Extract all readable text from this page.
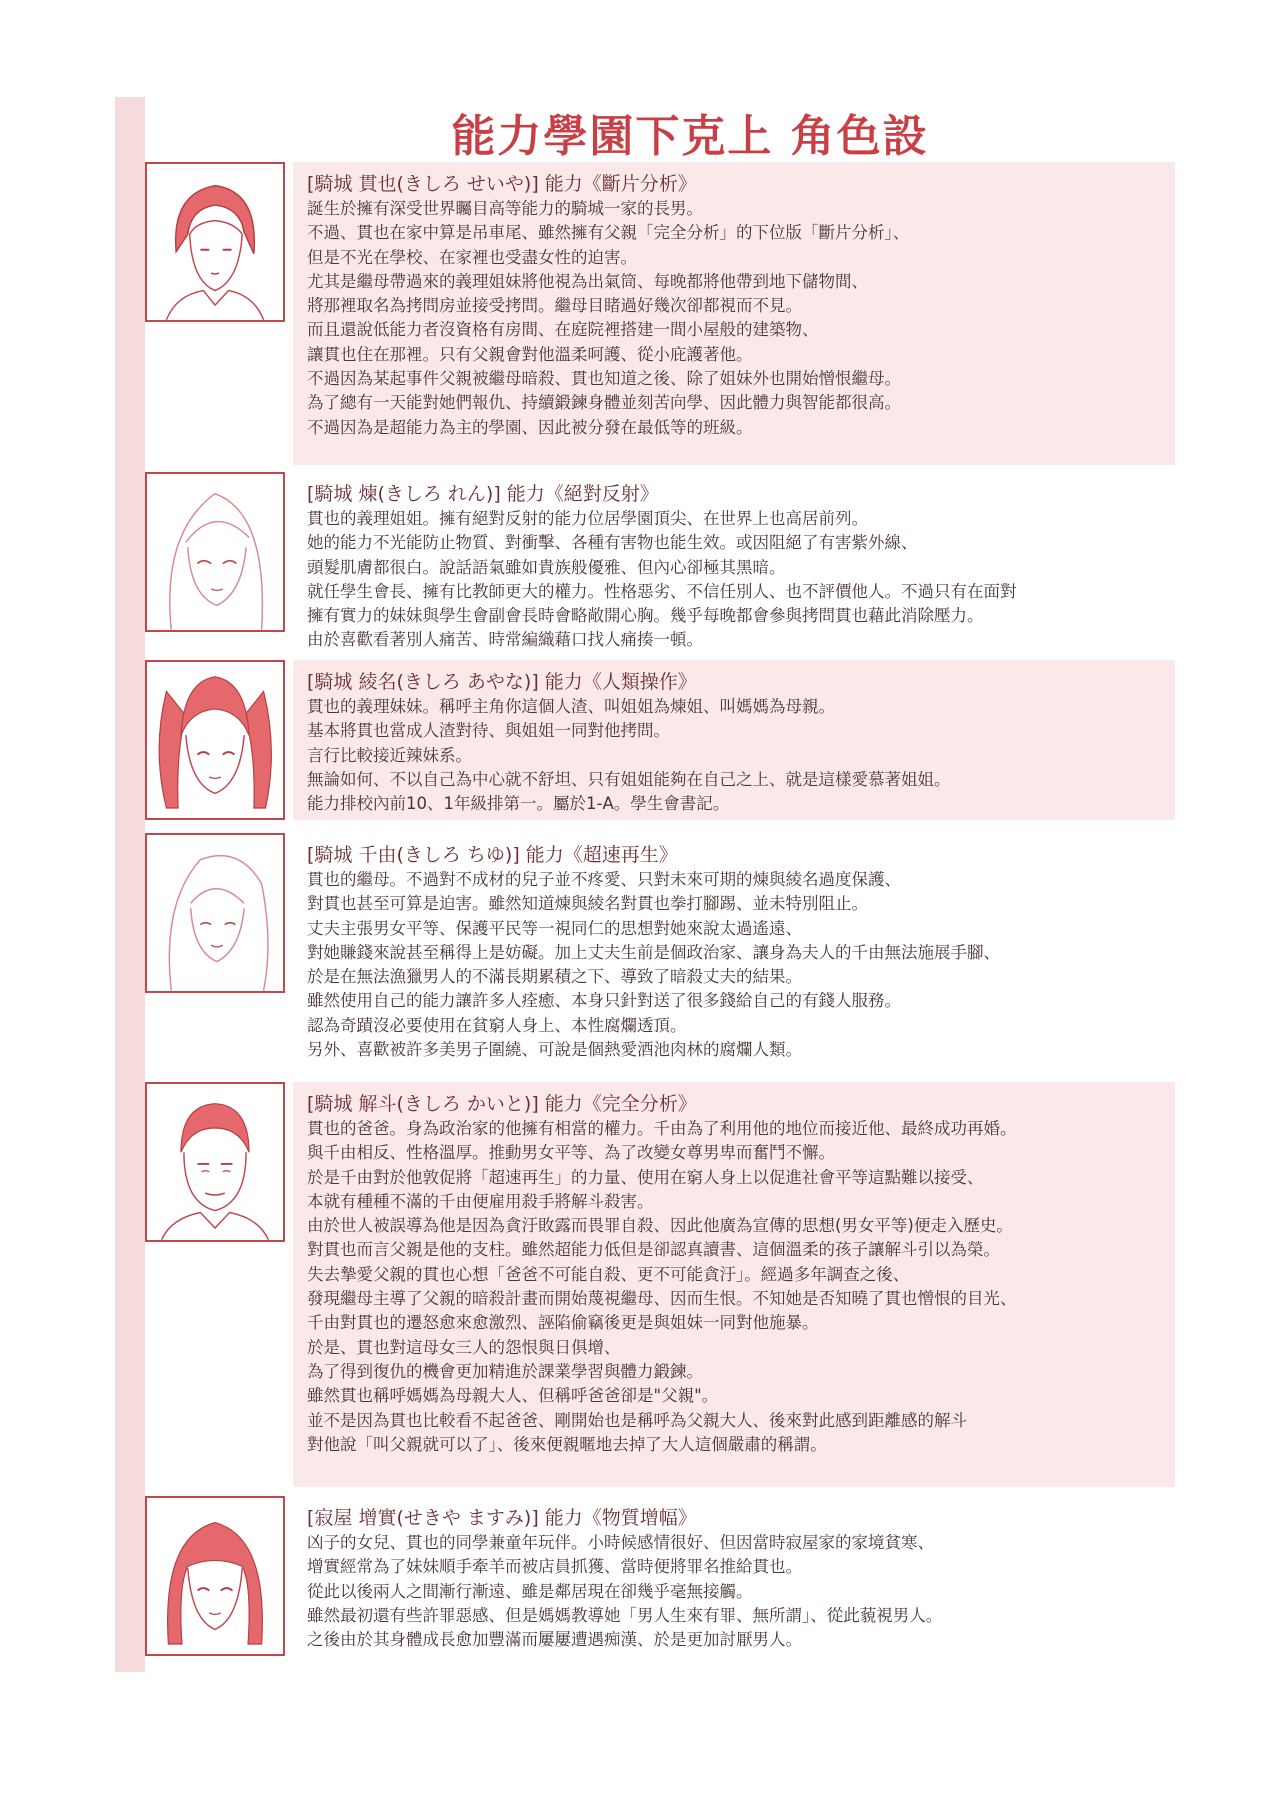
能力學園下克上 角色設
[騎城 貫也(きしろ せいや)] 能力《斷片分析》
誕生於擁有深受世界矚目高等能力的騎城一家的長男。
不過、貫也在家中算是吊車尾、雖然擁有父親「完全分析」的下位版「斷片分析」、
但是不光在學校、在家裡也受盡女性的迫害。
尤其是繼母帶過來的義理姐妹將他視為出氣筒、每晚都將他帶到地下儲物間、
將那裡取名為拷問房並接受拷問。繼母目睹過好幾次卻都視而不見。
而且還說低能力者沒資格有房間、在庭院裡搭建一間小屋般的建築物、
讓貫也住在那裡。只有父親會對他溫柔呵護、從小庇護著他。
不過因為某起事件父親被繼母暗殺、貫也知道之後、除了姐妹外也開始憎恨繼母。
為了總有一天能對她們報仇、持續鍛鍊身體並刻苦向學、因此體力與智能都很高。
不過因為是超能力為主的學園、因此被分發在最低等的班級。
[騎城 煉(きしろ れん)] 能力《絕對反射》
貫也的義理姐姐。擁有絕對反射的能力位居學園頂尖、在世界上也高居前列。
她的能力不光能防止物質、對衝擊、各種有害物也能生效。或因阻絕了有害紫外線、
頭髮肌膚都很白。說話語氣雖如貴族般優雅、但內心卻極其黑暗。
就任學生會長、擁有比教師更大的權力。性格惡劣、不信任別人、也不評價他人。不過只有在面對
擁有實力的妹妹與學生會副會長時會略敞開心胸。幾乎每晚都會參與拷問貫也藉此消除壓力。
由於喜歡看著別人痛苦、時常編織藉口找人痛揍一頓。
[騎城 綾名(きしろ あやな)] 能力《人類操作》
貫也的義理妹妹。稱呼主角你這個人渣、叫姐姐為煉姐、叫媽媽為母親。
基本將貫也當成人渣對待、與姐姐一同對他拷問。
言行比較接近辣妹系。
無論如何、不以自己為中心就不舒坦、只有姐姐能夠在自己之上、就是這樣愛慕著姐姐。
能力排校內前10、1年級排第一。屬於1-A。學生會書記。
[騎城 千由(きしろ ちゆ)] 能力《超速再生》
貫也的繼母。不過對不成材的兒子並不疼愛、只對未來可期的煉與綾名過度保護、
對貫也甚至可算是迫害。雖然知道煉與綾名對貫也拳打腳踢、並未特別阻止。
丈夫主張男女平等、保護平民等一視同仁的思想對她來說太過遙遠、
對她賺錢來說甚至稱得上是妨礙。加上丈夫生前是個政治家、讓身為夫人的千由無法施展手腳、
於是在無法漁獵男人的不滿長期累積之下、導致了暗殺丈夫的結果。
雖然使用自己的能力讓許多人痊癒、本身只針對送了很多錢給自己的有錢人服務。
認為奇蹟沒必要使用在貧窮人身上、本性腐爛透頂。
另外、喜歡被許多美男子圍繞、可說是個熱愛酒池肉林的腐爛人類。
[騎城 解斗(きしろ かいと)] 能力《完全分析》
貫也的爸爸。身為政治家的他擁有相當的權力。千由為了利用他的地位而接近他、最終成功再婚。
與千由相反、性格溫厚。推動男女平等、為了改變女尊男卑而奮鬥不懈。
於是千由對於他敦促將「超速再生」的力量、使用在窮人身上以促進社會平等這點難以接受、
本就有種種不滿的千由便雇用殺手將解斗殺害。
由於世人被誤導為他是因為貪汙敗露而畏罪自殺、因此他廣為宣傳的思想(男女平等)便走入歷史。
對貫也而言父親是他的支柱。雖然超能力低但是卻認真讀書、這個溫柔的孩子讓解斗引以為榮。
失去摯愛父親的貫也心想「爸爸不可能自殺、更不可能貪汙」。經過多年調查之後、
發現繼母主導了父親的暗殺計畫而開始蔑視繼母、因而生恨。不知她是否知曉了貫也憎恨的目光、
千由對貫也的遷怒愈來愈激烈、誣陷偷竊後更是與姐妹一同對他施暴。
於是、貫也對這母女三人的怨恨與日俱增、
為了得到復仇的機會更加精進於課業學習與體力鍛鍊。
雖然貫也稱呼媽媽為母親大人、但稱呼爸爸卻是"父親"。
並不是因為貫也比較看不起爸爸、剛開始也是稱呼為父親大人、後來對此感到距離感的解斗
對他說「叫父親就可以了」、後來便親暱地去掉了大人這個嚴肅的稱謂。
[寂屋 增實(せきや ますみ)] 能力《物質增幅》
凶子的女兒、貫也的同學兼童年玩伴。小時候感情很好、但因當時寂屋家的家境貧寒、
增實經常為了妹妹順手牽羊而被店員抓獲、當時便將罪名推給貫也。
從此以後兩人之間漸行漸遠、雖是鄰居現在卻幾乎毫無接觸。
雖然最初還有些許罪惡感、但是媽媽教導她「男人生來有罪、無所謂」、從此藐視男人。
之後由於其身體成長愈加豐滿而屢屢遭遇痴漢、於是更加討厭男人。
